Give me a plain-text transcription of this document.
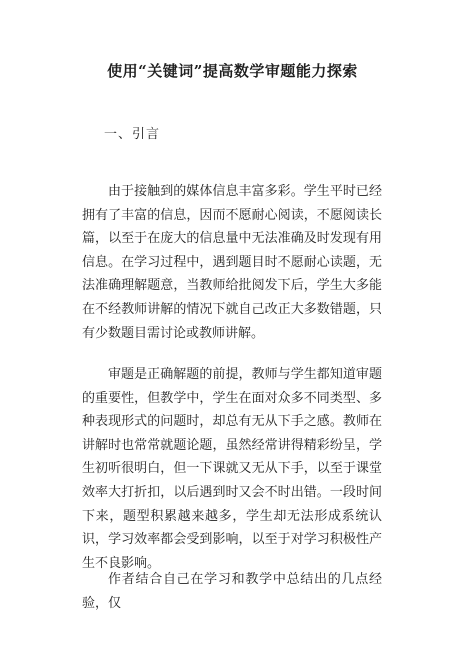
使用“关键词”提高数学审题能力探索
一、引言

由于接触到的媒体信息丰富多彩。学生平时已经拥有了丰富的信息，因而不愿耐心阅读，不愿阅读长篇，以至于在庞大的信息量中无法准确及时发现有用信息。在学习过程中，遇到题目时不愿耐心读题，无法准确理解题意，当教师给批阅发下后，学生大多能在不经教师讲解的情况下就自己改正大多数错题，只有少数题目需讨论或教师讲解。

审题是正确解题的前提，教师与学生都知道审题的重要性，但教学中，学生在面对众多不同类型、多种表现形式的问题时，却总有无从下手之感。教师在讲解时也常常就题论题，虽然经常讲得精彩纷呈，学生初听很明白，但一下课就又无从下手，以至于课堂效率大打折扣，以后遇到时又会不时出错。一段时间下来，题型积累越来越多，学生却无法形成系统认识，学习效率都会受到影响，以至于对学习积极性产生不良影响。

作者结合自己在学习和教学中总结出的几点经验，仅
